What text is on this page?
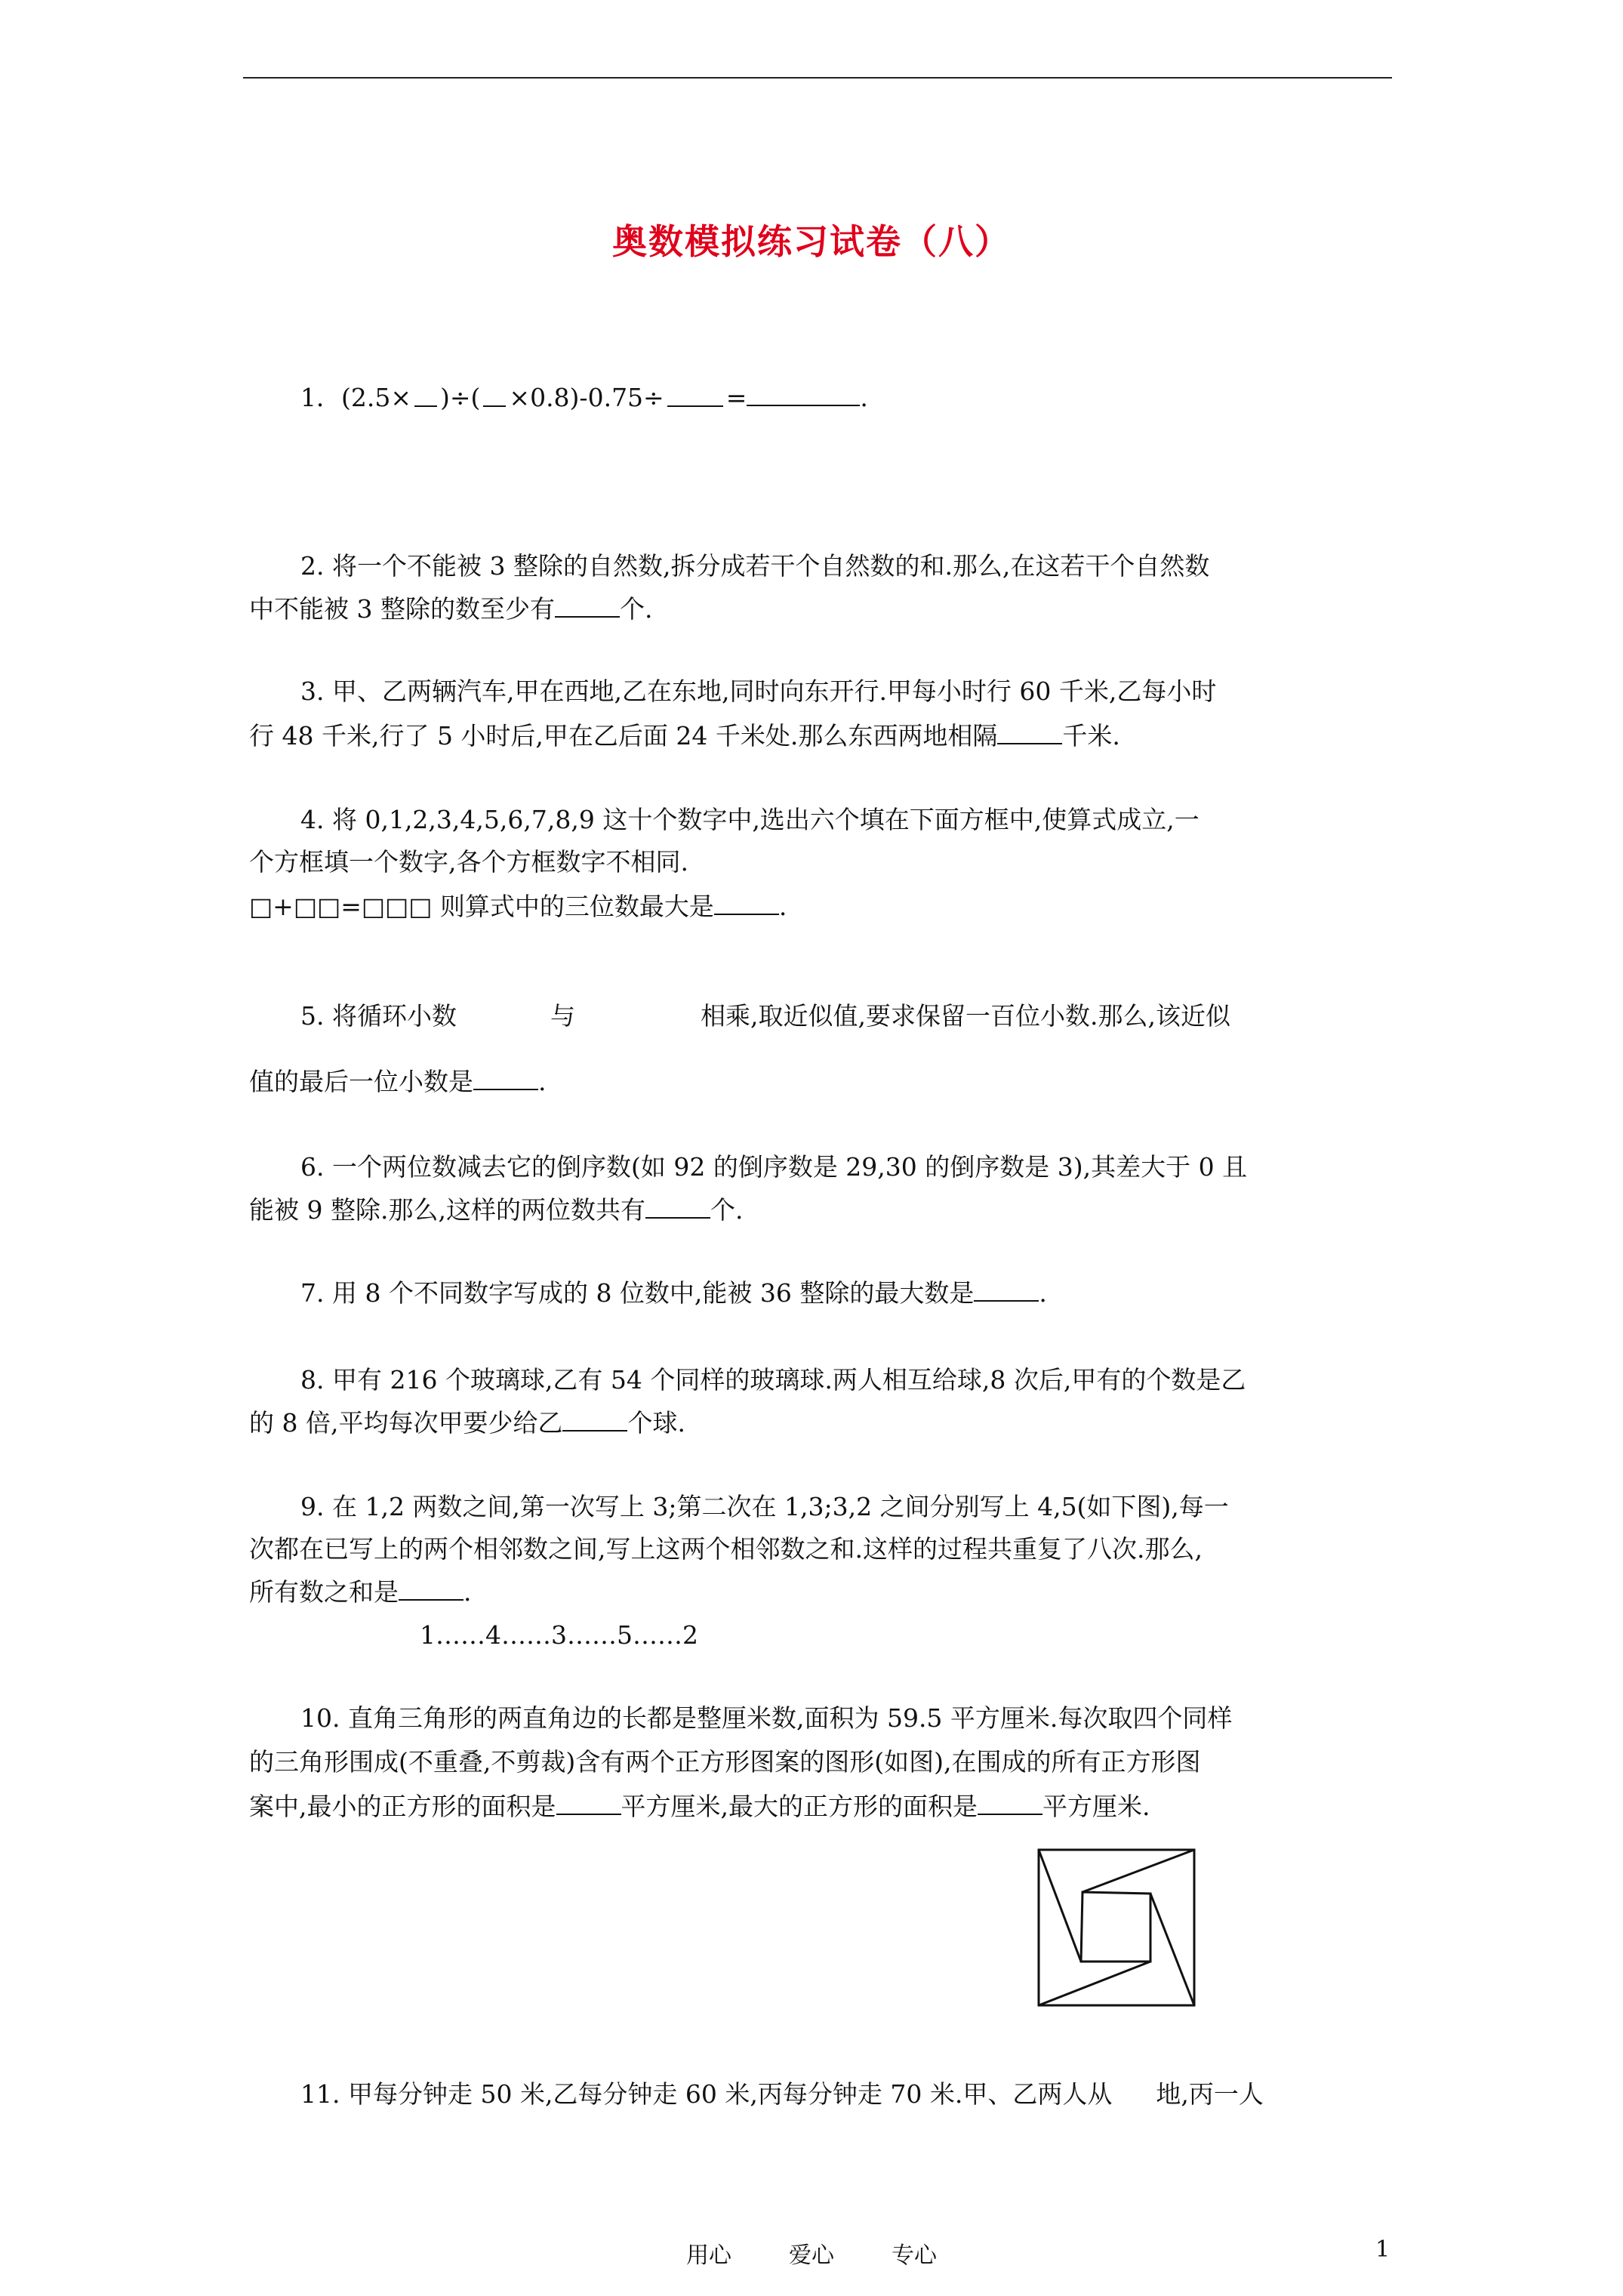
奥数模拟练习试卷（八）
1．(2.5× )÷( ×0.8)-0.75÷ =	.
2. 将一个不能被 3 整除的自然数,拆分成若干个自然数的和.那么,在这若干个自然数
中不能被 3 整除的数至少有	个.
3. 甲、乙两辆汽车,甲在西地,乙在东地,同时向东开行.甲每小时行 60 千米,乙每小时
行 48 千米,行了 5 小时后,甲在乙后面 24 千米处.那么东西两地相隔	千米.
4. 将 0,1,2,3,4,5,6,7,8,9 这十个数字中,选出六个填在下面方框中,使算式成立,一
个方框填一个数字,各个方框数字不相同.
□+□□=□□□ 则算式中的三位数最大是	.
5. 将循环小数	与	相乘,取近似值,要求保留一百位小数.那么,该近似
值的最后一位小数是	.
6. 一个两位数减去它的倒序数(如 92 的倒序数是 29,30 的倒序数是 3),其差大于 0 且
能被 9 整除.那么,这样的两位数共有	个.
7. 用 8 个不同数字写成的 8 位数中,能被 36 整除的最大数是	.
8. 甲有 216 个玻璃球,乙有 54 个同样的玻璃球.两人相互给球,8 次后,甲有的个数是乙
的 8 倍,平均每次甲要少给乙	个球.
9. 在 1,2 两数之间,第一次写上 3;第二次在 1,3;3,2 之间分别写上 4,5(如下图),每一
次都在已写上的两个相邻数之间,写上这两个相邻数之和.这样的过程共重复了八次.那么,
所有数之和是	.
1……4……3……5……2
10. 直角三角形的两直角边的长都是整厘米数,面积为 59.5 平方厘米.每次取四个同样
的三角形围成(不重叠,不剪裁)含有两个正方形图案的图形(如图),在围成的所有正方形图
案中,最小的正方形的面积是	平方厘米,最大的正方形的面积是	平方厘米.
11. 甲每分钟走 50 米,乙每分钟走 60 米,丙每分钟走 70 米.甲、乙两人从 地,丙一人
用心	爱心	专心	1
